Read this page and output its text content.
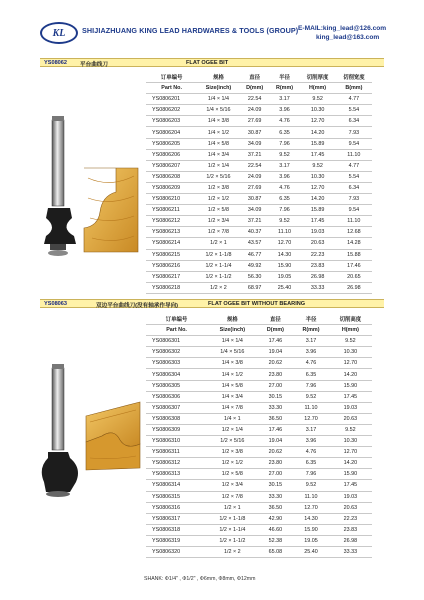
KL SHIJIAZHUANG KING LEAD HARDWARES & TOOLS (GROUP) E-MAIL:king_lead@126.com
king_lead@163.com
YS08062 平台曲线刀	FLAT OGEE BIT
订单编号	规格	直径	半径	切削厚度	切削宽度
Part No.	Size(inch)	D(mm)	R(mm)	H(mm)	B(mm)
YS0806201	1/4 × 1/4	22.54	3.17	9.52	4.77
YS0806202	1/4 × 5/16	24.09	3.96	10.30	5.54
YS0806203	1/4 × 3/8	27.69	4.76	12.70	6.34
YS0806204	1/4 × 1/2	30.87	6.35	14.20	7.93
YS0806205	1/4 × 5/8	34.09	7.96	15.89	9.54
YS0806206	1/4 × 3/4	37.21	9.52	17.45	11.10
YS0806207	1/2 × 1/4	22.54	3.17	9.52	4.77
YS0806208	1/2 × 5/16	24.09	3.96	10.30	5.54
YS0806209	1/2 × 3/8	27.69	4.76	12.70	6.34
YS0806210	1/2 × 1/2	30.87	6.35	14.20	7.93
YS0806211	1/2 × 5/8	34.09	7.96	15.89	9.54
YS0806212	1/2 × 3/4	37.21	9.52	17.45	11.10
YS0806213	1/2 × 7/8	40.37	11.10	19.03	12.68
YS0806214	1/2 × 1	43.57	12.70	20.63	14.28
YS0806215	1/2 × 1-1/8	46.77	14.30	22.23	15.88
YS0806216	1/2 × 1-1/4	49.92	15.90	23.83	17.46
YS0806217	1/2 × 1-1/2	56.30	19.05	26.98	20.65
YS0806218	1/2 × 2	68.97	25.40	33.33	26.98
YS08063	双边平台曲线刀(没有轴承作导向)	FLAT OGEE BIT WITHOUT BEARING
订单编号	规格	直径	半径	切削高度
Part No.	Size(inch)	D(mm)	R(mm)	H(mm)
YS0806301	1/4 × 1/4	17.46	3.17	9.52
YS0806302	1/4 × 5/16	19.04	3.96	10.30
YS0806303	1/4 × 3/8	20.62	4.76	12.70
YS0806304	1/4 × 1/2	23.80	6.35	14.20
YS0806305	1/4 × 5/8	27.00	7.96	15.90
YS0806306	1/4 × 3/4	30.15	9.52	17.45
YS0806307	1/4 × 7/8	33.30	11.10	19.03
YS0806308	1/4 × 1	36.50	12.70	20.63
YS0806309	1/2 × 1/4	17.46	3.17	9.52
YS0806310	1/2 × 5/16	19.04	3.96	10.30
YS0806311	1/2 × 3/8	20.62	4.76	12.70
YS0806312	1/2 × 1/2	23.80	6.35	14.20
YS0806313	1/2 × 5/8	27.00	7.96	15.90
YS0806314	1/2 × 3/4	30.15	9.52	17.45
YS0806315	1/2 × 7/8	33.30	11.10	19.03
YS0806316	1/2 × 1	36.50	12.70	20.63
YS0806317	1/2 × 1-1/8	42.90	14.30	22.23
YS0806318	1/2 × 1-1/4	46.60	15.90	23.83
YS0806319	1/2 × 1-1/2	52.38	19.05	26.98
YS0806320	1/2 × 2	65.08	25.40	33.33
SHANK: Φ1/4" , Φ1/2" , Φ6mm, Φ8mm, Φ12mm
